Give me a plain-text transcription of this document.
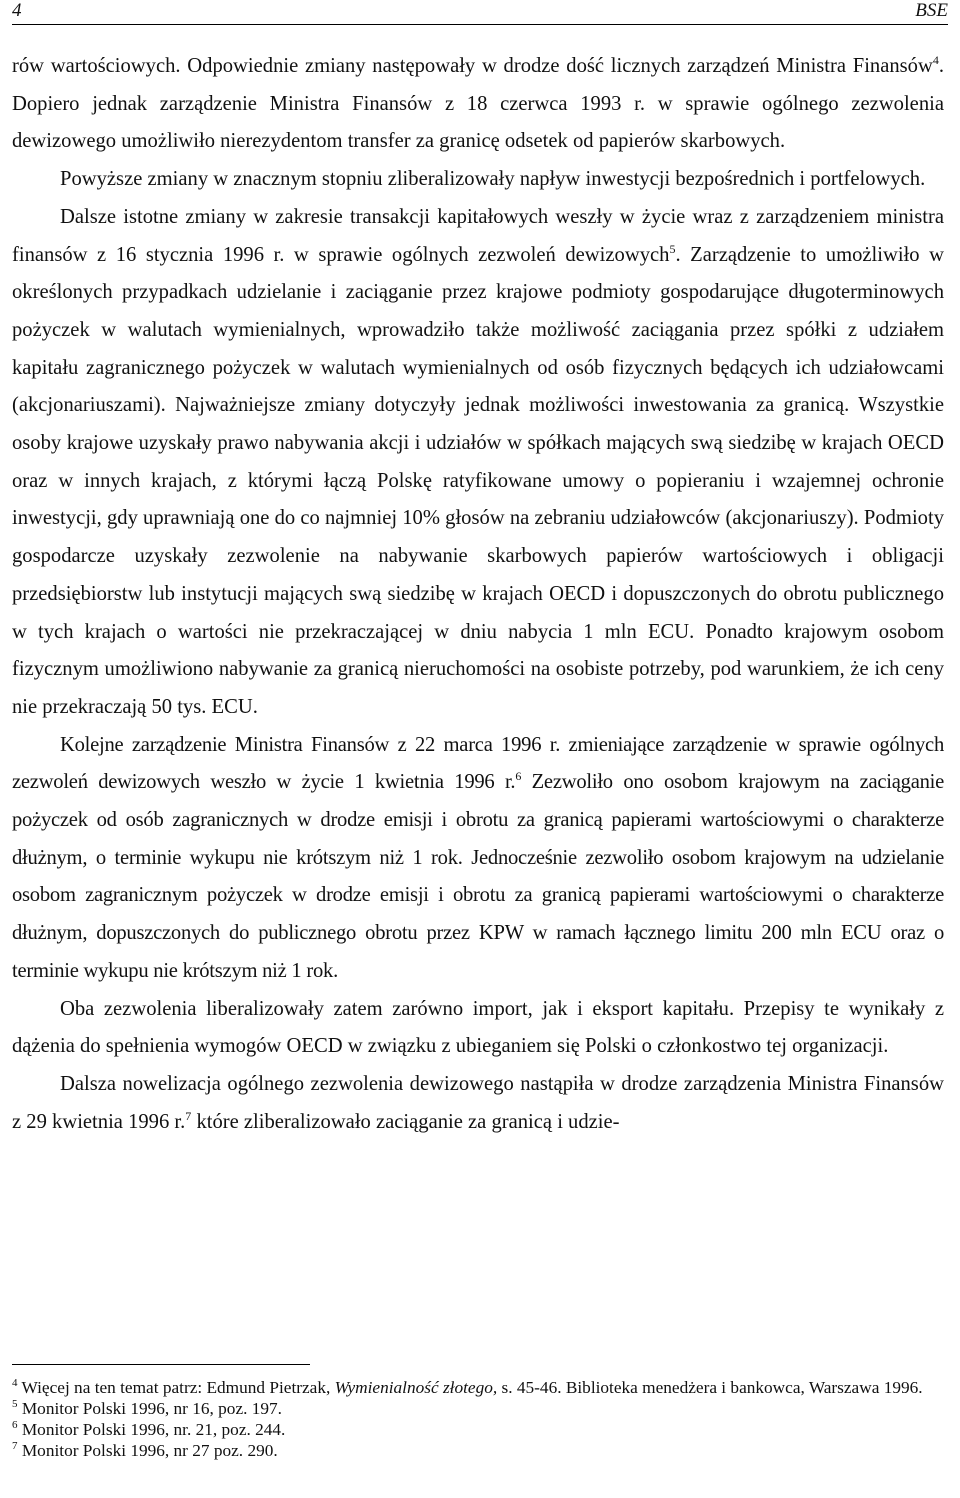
4	BSE

rów wartościowych. Odpowiednie zmiany następowały w drodze dość licznych zarządzeń Ministra Finansów$^4$. Dopiero jednak zarządzenie Ministra Finansów z 18 czerwca 1993 r. w sprawie ogólnego zezwolenia dewizowego umożliwiło nierezydentom transfer za granicę odsetek od papierów skarbowych.

Powyższe zmiany w znacznym stopniu zliberalizowały napływ inwestycji bezpośrednich i portfelowych.

Dalsze istotne zmiany w zakresie transakcji kapitałowych weszły w życie wraz z zarządzeniem ministra finansów z 16 stycznia 1996 r. w sprawie ogólnych zezwoleń dewizowych$^5$. Zarządzenie to umożliwiło w określonych przypadkach udzielanie i zaciąganie przez krajowe podmioty gospodarujące długoterminowych pożyczek w walutach wymienialnych, wprowadziło także możliwość zaciągania przez spółki z udziałem kapitału zagranicznego pożyczek w walutach wymienialnych od osób fizycznych będących ich udziałowcami (akcjonariuszami). Najważniejsze zmiany dotyczyły jednak możliwości inwestowania za granicą. Wszystkie osoby krajowe uzyskały prawo nabywania akcji i udziałów w spółkach mających swą siedzibę w krajach OECD oraz w innych krajach, z którymi łączą Polskę ratyfikowane umowy o popieraniu i wzajemnej ochronie inwestycji, gdy uprawniają one do co najmniej 10% głosów na zebraniu udziałowców (akcjonariuszy). Podmioty gospodarcze uzyskały zezwolenie na nabywanie skarbowych papierów wartościowych i obligacji przedsiębiorstw lub instytucji mających swą siedzibę w krajach OECD i dopuszczonych do obrotu publicznego w tych krajach o wartości nie przekraczającej w dniu nabycia 1 mln ECU. Ponadto krajowym osobom fizycznym umożliwiono nabywanie za granicą nieruchomości na osobiste potrzeby, pod warunkiem, że ich ceny nie przekraczają 50 tys. ECU.

Kolejne zarządzenie Ministra Finansów z 22 marca 1996 r. zmieniające zarządzenie w sprawie ogólnych zezwoleń dewizowych weszło w życie 1 kwietnia 1996 r.$^6$ Zezwoliło ono osobom krajowym na zaciąganie pożyczek od osób zagranicznych w drodze emisji i obrotu za granicą papierami wartościowymi o charakterze dłużnym, o terminie wykupu nie krótszym niż 1 rok. Jednocześnie zezwoliło osobom krajowym na udzielanie osobom zagranicznym pożyczek w drodze emisji i obrotu za granicą papierami wartościowymi o charakterze dłużnym, dopuszczonych do publicznego obrotu przez KPW w ramach łącznego limitu 200 mln ECU oraz o terminie wykupu nie krótszym niż 1 rok.

Oba zezwolenia liberalizowały zatem zarówno import, jak i eksport kapitału. Przepisy te wynikały z dążenia do spełnienia wymogów OECD w związku z ubieganiem się Polski o członkostwo tej organizacji.

Dalsza nowelizacja ogólnego zezwolenia dewizowego nastąpiła w drodze zarządzenia Ministra Finansów z 29 kwietnia 1996 r.$^7$ które zliberalizowało zaciąganie za granicą i udzie-

$^4$ Więcej na ten temat patrz: Edmund Pietrzak, Wymienialność złotego, s. 45-46. Biblioteka menedżera i bankowca, Warszawa 1996.

$^5$ Monitor Polski 1996, nr 16, poz. 197.

$^6$ Monitor Polski 1996, nr. 21, poz. 244.

$^7$ Monitor Polski 1996, nr 27 poz. 290.
